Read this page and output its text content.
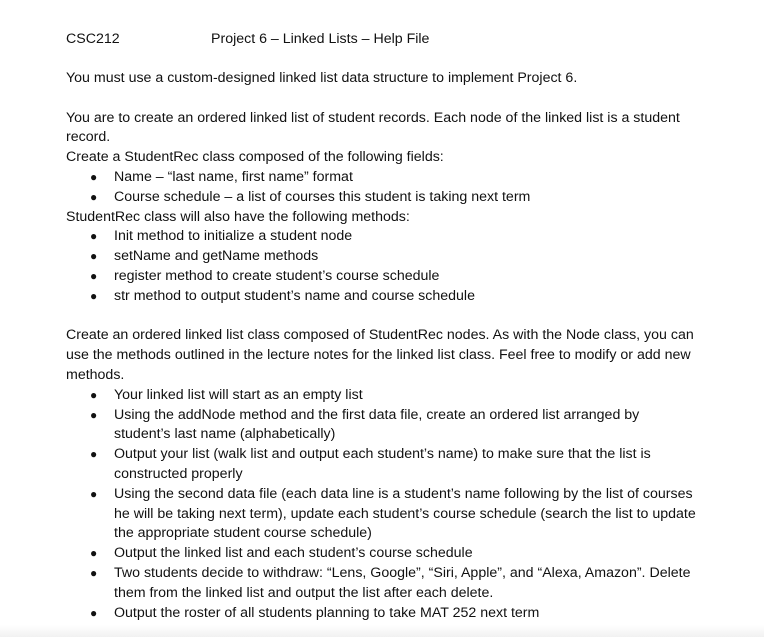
CSC212	Project 6 – Linked Lists – Help File

You must use a custom-designed linked list data structure to implement Project 6.

You are to create an ordered linked list of student records. Each node of the linked list is a student record.

Create a StudentRec class composed of the following fields:

● Name – “last name, first name” format
● Course schedule – a list of courses this student is taking next term

StudentRec class will also have the following methods:

● Init method to initialize a student node
● setName and getName methods
● register method to create student’s course schedule
● str method to output student’s name and course schedule

Create an ordered linked list class composed of StudentRec nodes. As with the Node class, you can use the methods outlined in the lecture notes for the linked list class. Feel free to modify or add new methods.

● Your linked list will start as an empty list
● Using the addNode method and the first data file, create an ordered list arranged by student’s last name (alphabetically)
● Output your list (walk list and output each student’s name) to make sure that the list is constructed properly
● Using the second data file (each data line is a student’s name following by the list of courses he will be taking next term), update each student’s course schedule (search the list to update the appropriate student course schedule)
● Output the linked list and each student’s course schedule
● Two students decide to withdraw: “Lens, Google”, “Siri, Apple”, and “Alexa, Amazon”. Delete them from the linked list and output the list after each delete.
● Output the roster of all students planning to take MAT 252 next term
